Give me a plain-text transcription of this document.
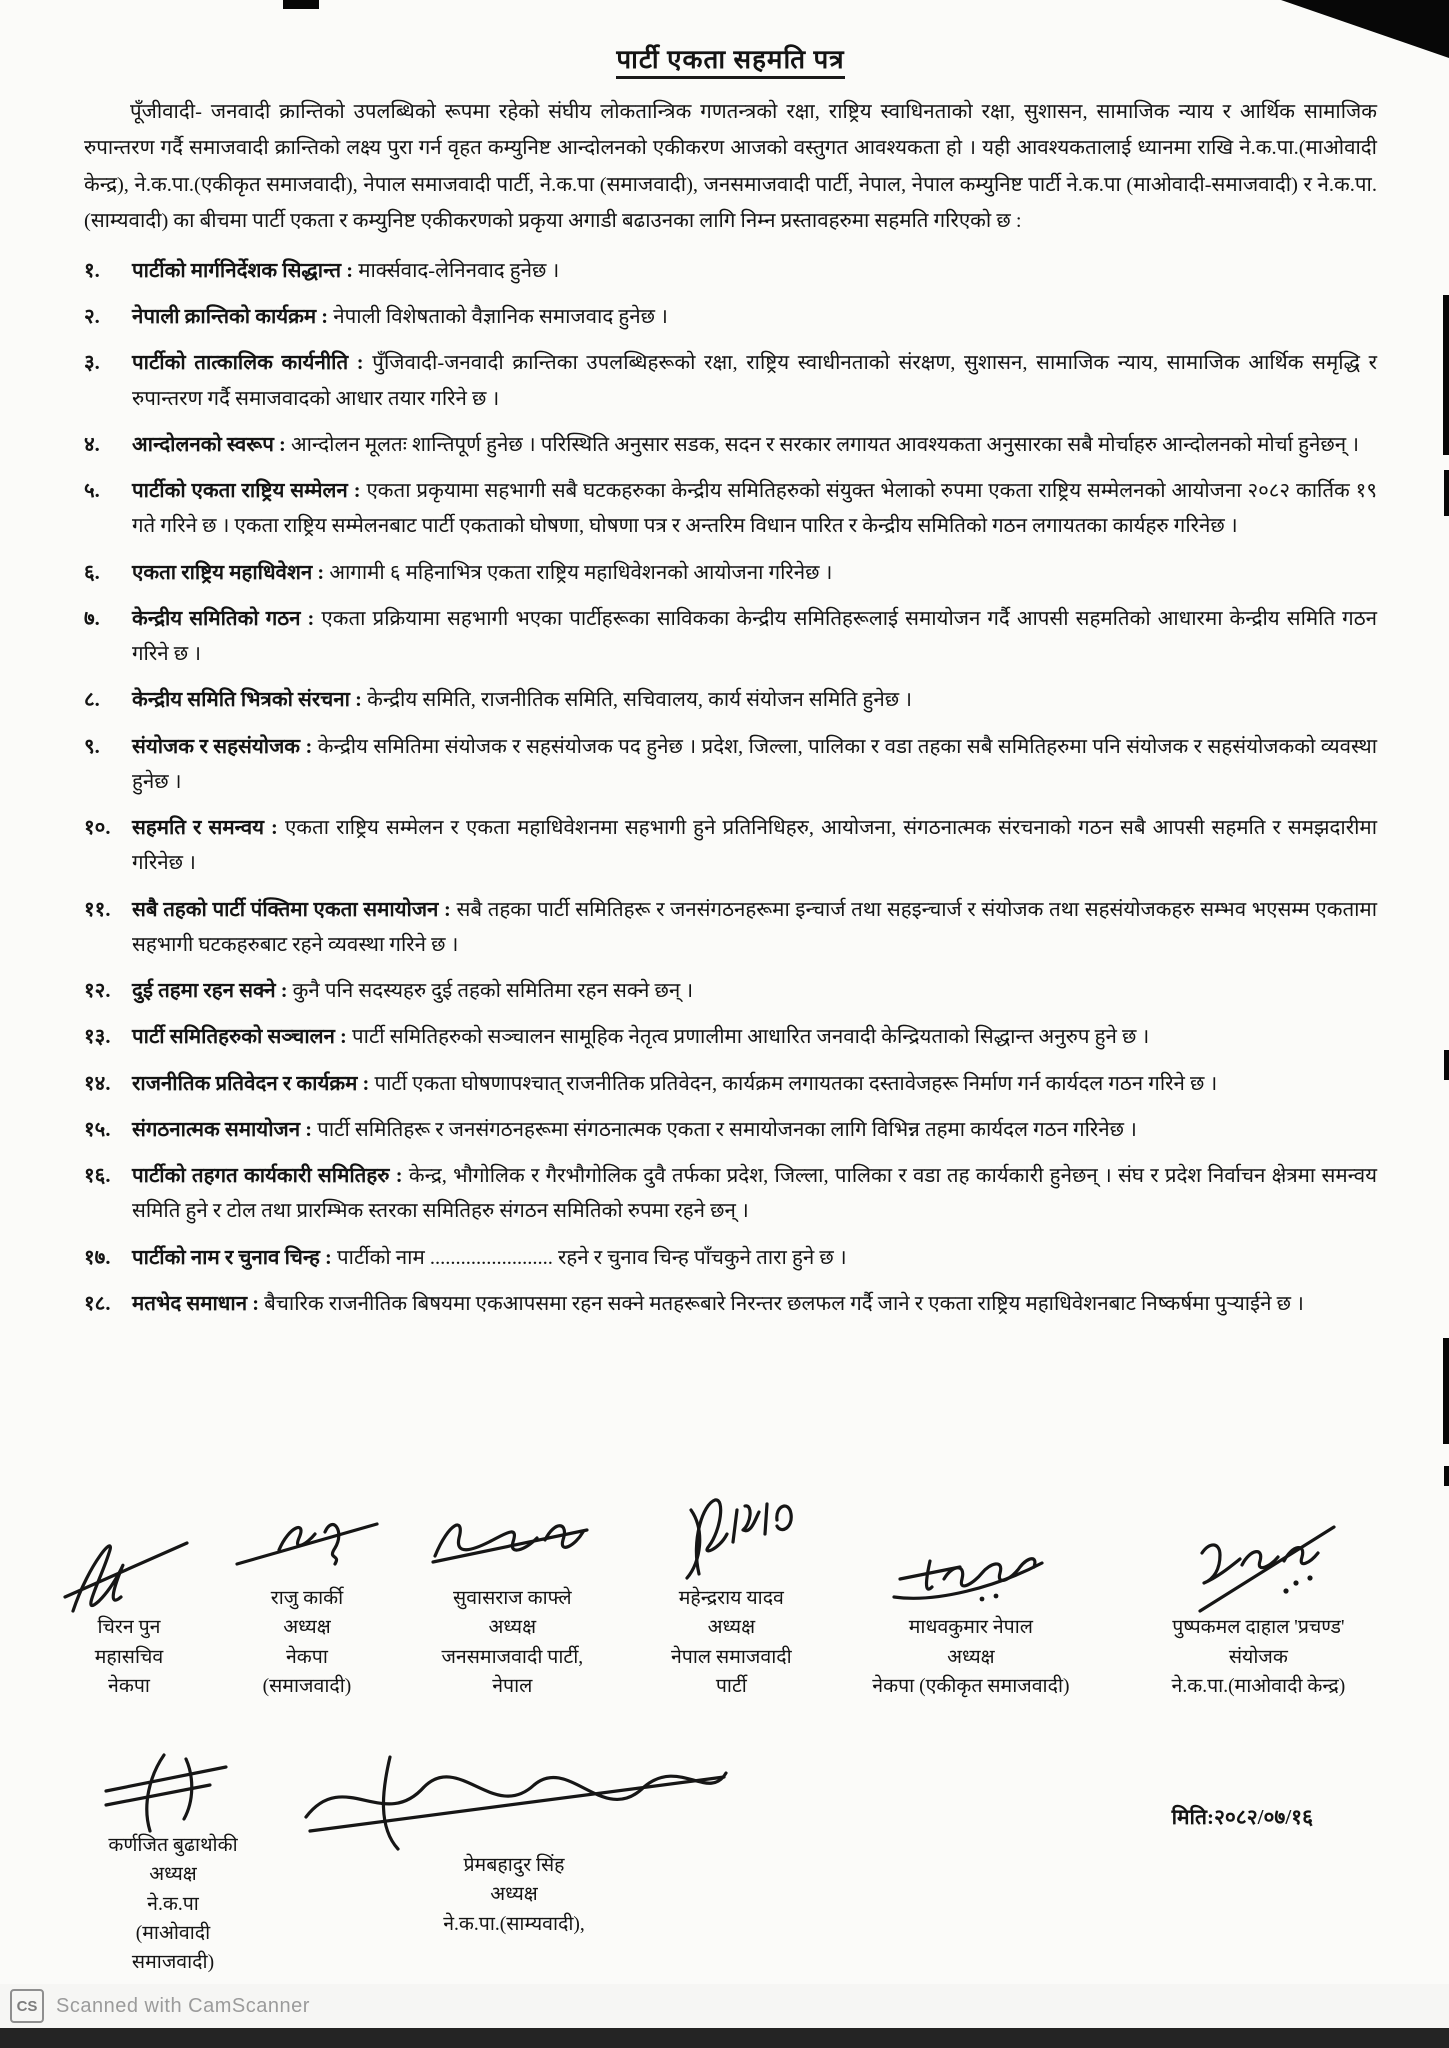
पार्टी एकता सहमति पत्र

पूँजीवादी- जनवादी क्रान्तिको उपलब्धिको रूपमा रहेको संघीय लोकतान्त्रिक गणतन्त्रको रक्षा, राष्ट्रिय स्वाधिनताको रक्षा, सुशासन, सामाजिक न्याय र आर्थिक सामाजिक रुपान्तरण गर्दै समाजवादी क्रान्तिको लक्ष्य पुरा गर्न वृहत कम्युनिष्ट आन्दोलनको एकीकरण आजको वस्तुगत आवश्यकता हो । यही आवश्यकतालाई ध्यानमा राखि ने.क.पा.(माओवादी केन्द्र), ने.क.पा.(एकीकृत समाजवादी), नेपाल समाजवादी पार्टी, ने.क.पा (समाजवादी), जनसमाजवादी पार्टी, नेपाल, नेपाल कम्युनिष्ट पार्टी ने.क.पा (माओवादी-समाजवादी) र ने.क.पा.(साम्यवादी) का बीचमा पार्टी एकता र कम्युनिष्ट एकीकरणको प्रकृया अगाडी बढाउनका लागि निम्न प्रस्तावहरुमा सहमति गरिएको छ :

१.	पार्टीको मार्गनिर्देशक सिद्धान्त : मार्क्सवाद-लेनिनवाद हुनेछ ।
२.	नेपाली क्रान्तिको कार्यक्रम : नेपाली विशेषताको वैज्ञानिक समाजवाद हुनेछ ।
३.	पार्टीको तात्कालिक कार्यनीति : पुँजिवादी-जनवादी क्रान्तिका उपलब्धिहरूको रक्षा, राष्ट्रिय स्वाधीनताको संरक्षण, सुशासन, सामाजिक न्याय, सामाजिक आर्थिक समृद्धि र रुपान्तरण गर्दै समाजवादको आधार तयार गरिने छ ।
४.	आन्दोलनको स्वरूप : आन्दोलन मूलतः शान्तिपूर्ण हुनेछ । परिस्थिति अनुसार सडक, सदन र सरकार लगायत आवश्यकता अनुसारका सबै मोर्चाहरु आन्दोलनको मोर्चा हुनेछन् ।
५.	पार्टीको एकता राष्ट्रिय सम्मेलन : एकता प्रकृयामा सहभागी सबै घटकहरुका केन्द्रीय समितिहरुको संयुक्त भेलाको रुपमा एकता राष्ट्रिय सम्मेलनको आयोजना २०८२ कार्तिक १९ गते गरिने छ । एकता राष्ट्रिय सम्मेलनबाट पार्टी एकताको घोषणा, घोषणा पत्र र अन्तरिम विधान पारित र केन्द्रीय समितिको गठन लगायतका कार्यहरु गरिनेछ ।
६.	एकता राष्ट्रिय महाधिवेशन : आगामी ६ महिनाभित्र एकता राष्ट्रिय महाधिवेशनको आयोजना गरिनेछ ।
७.	केन्द्रीय समितिको गठन : एकता प्रक्रियामा सहभागी भएका पार्टीहरूका साविकका केन्द्रीय समितिहरूलाई समायोजन गर्दै आपसी सहमतिको आधारमा केन्द्रीय समिति गठन गरिने छ ।
८.	केन्द्रीय समिति भित्रको संरचना : केन्द्रीय समिति, राजनीतिक समिति, सचिवालय, कार्य संयोजन समिति हुनेछ ।
९.	संयोजक र सहसंयोजक : केन्द्रीय समितिमा संयोजक र सहसंयोजक पद हुनेछ । प्रदेश, जिल्ला, पालिका र वडा तहका सबै समितिहरुमा पनि संयोजक र सहसंयोजकको व्यवस्था हुनेछ ।
१०.	सहमति र समन्वय : एकता राष्ट्रिय सम्मेलन र एकता महाधिवेशनमा सहभागी हुने प्रतिनिधिहरु, आयोजना, संगठनात्मक संरचनाको गठन सबै आपसी सहमति र समझदारीमा गरिनेछ ।
११.	सबै तहको पार्टी पंक्तिमा एकता समायोजन : सबै तहका पार्टी समितिहरू र जनसंगठनहरूमा इन्चार्ज तथा सहइन्चार्ज र संयोजक तथा सहसंयोजकहरु सम्भव भएसम्म एकतामा सहभागी घटकहरुबाट रहने व्यवस्था गरिने छ ।
१२.	दुई तहमा रहन सक्ने : कुनै पनि सदस्यहरु दुई तहको समितिमा रहन सक्ने छन् ।
१३.	पार्टी समितिहरुको सञ्चालन : पार्टी समितिहरुको सञ्चालन सामूहिक नेतृत्व प्रणालीमा आधारित जनवादी केन्द्रियताको सिद्धान्त अनुरुप हुने छ ।
१४.	राजनीतिक प्रतिवेदन र कार्यक्रम : पार्टी एकता घोषणापश्चात् राजनीतिक प्रतिवेदन, कार्यक्रम लगायतका दस्तावेजहरू निर्माण गर्न कार्यदल गठन गरिने छ ।
१५.	संगठनात्मक समायोजन : पार्टी समितिहरू र जनसंगठनहरूमा संगठनात्मक एकता र समायोजनका लागि विभिन्न तहमा कार्यदल गठन गरिनेछ ।
१६.	पार्टीको तहगत कार्यकारी समितिहरु : केन्द्र, भौगोलिक र गैरभौगोलिक दुवै तर्फका प्रदेश, जिल्ला, पालिका र वडा तह कार्यकारी हुनेछन् । संघ र प्रदेश निर्वाचन क्षेत्रमा समन्वय समिति हुने र टोल तथा प्रारम्भिक स्तरका समितिहरु संगठन समितिको रुपमा रहने छन् ।
१७.	पार्टीको नाम र चुनाव चिन्ह : पार्टीको नाम ........................ रहने र चुनाव चिन्ह पाँचकुने तारा हुने छ ।
१८.	मतभेद समाधान : बैचारिक राजनीतिक बिषयमा एकआपसमा रहन सक्ने मतहरूबारे निरन्तर छलफल गर्दै जाने र एकता राष्ट्रिय महाधिवेशनबाट निष्कर्षमा पुऱ्याईने छ ।
चिरन पुन
महासचिव
नेकपा
राजु कार्की
अध्यक्ष
नेकपा
(समाजवादी)
सुवासराज काफ्ले
अध्यक्ष
जनसमाजवादी पार्टी,
नेपाल
महेन्द्रराय यादव
अध्यक्ष
नेपाल समाजवादी
पार्टी
माधवकुमार नेपाल
अध्यक्ष
नेकपा (एकीकृत समाजवादी)
पुष्पकमल दाहाल 'प्रचण्ड'
संयोजक
ने.क.पा.(माओवादी केन्द्र)
कर्णजित बुढाथोकी
अध्यक्ष
ने.क.पा
(माओवादी समाजवादी)
प्रेमबहादुर सिंह
अध्यक्ष
ने.क.पा.(साम्यवादी),
मिति:२०८२/०७/१६
CS Scanned with CamScanner
